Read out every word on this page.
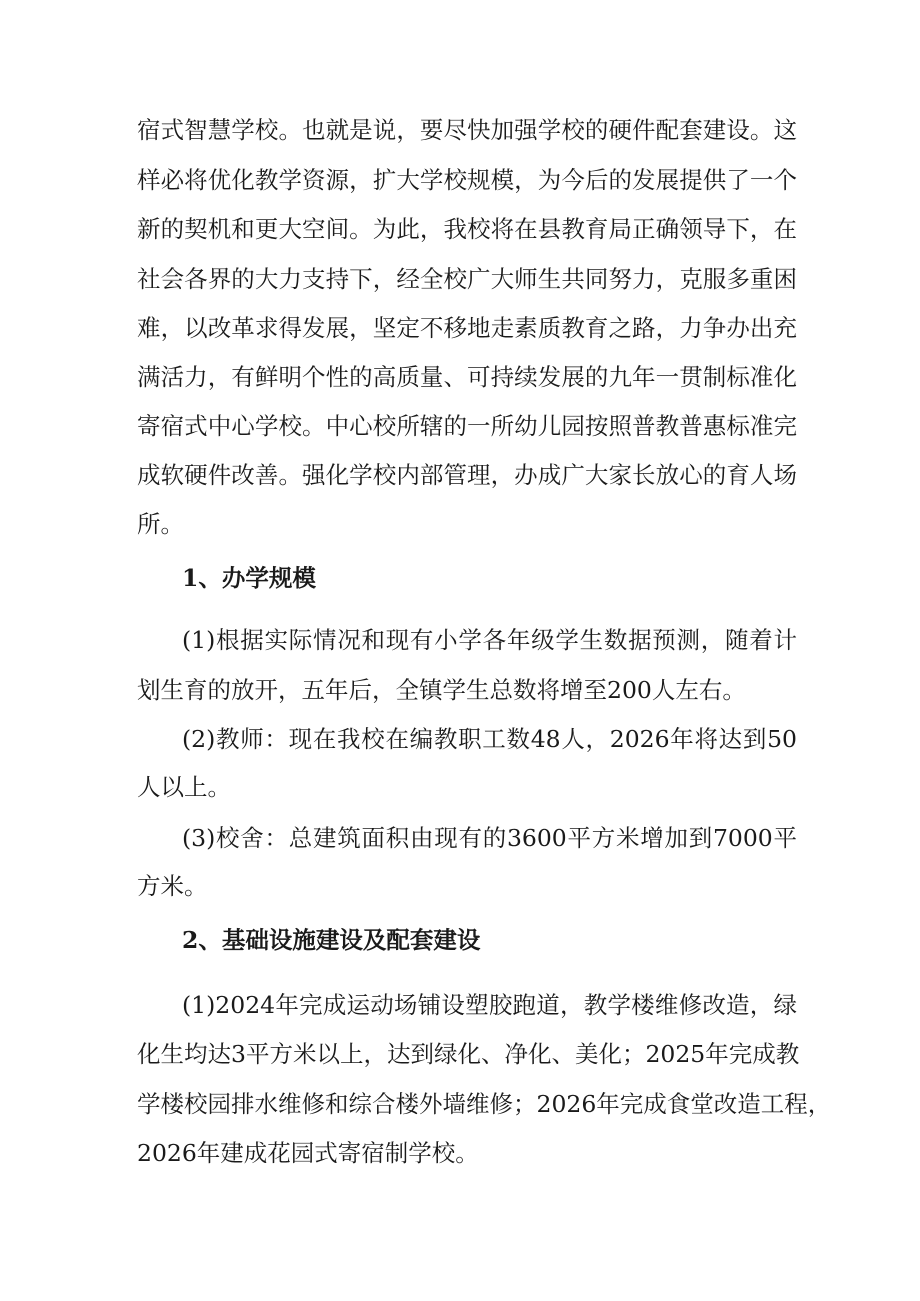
宿式智慧学校。也就是说，要尽快加强学校的硬件配套建设。这
样必将优化教学资源，扩大学校规模，为今后的发展提供了一个
新的契机和更大空间。为此，我校将在县教育局正确领导下，在
社会各界的大力支持下，经全校广大师生共同努力，克服多重困
难，以改革求得发展，坚定不移地走素质教育之路，力争办出充
满活力，有鲜明个性的高质量、可持续发展的九年一贯制标准化
寄宿式中心学校。中心校所辖的一所幼儿园按照普教普惠标准完
成软硬件改善。强化学校内部管理，办成广大家长放心的育人场
所。
1、办学规模
(1)根据实际情况和现有小学各年级学生数据预测，随着计
划生育的放开，五年后，全镇学生总数将增至200人左右。
(2)教师：现在我校在编教职工数48人，2026年将达到50
人以上。
(3)校舍：总建筑面积由现有的3600平方米增加到7000平
方米。
2、基础设施建设及配套建设
(1)2024年完成运动场铺设塑胶跑道，教学楼维修改造，绿
化生均达3平方米以上，达到绿化、净化、美化；2025年完成教
学楼校园排水维修和综合楼外墙维修；2026年完成食堂改造工程，
2026年建成花园式寄宿制学校。
